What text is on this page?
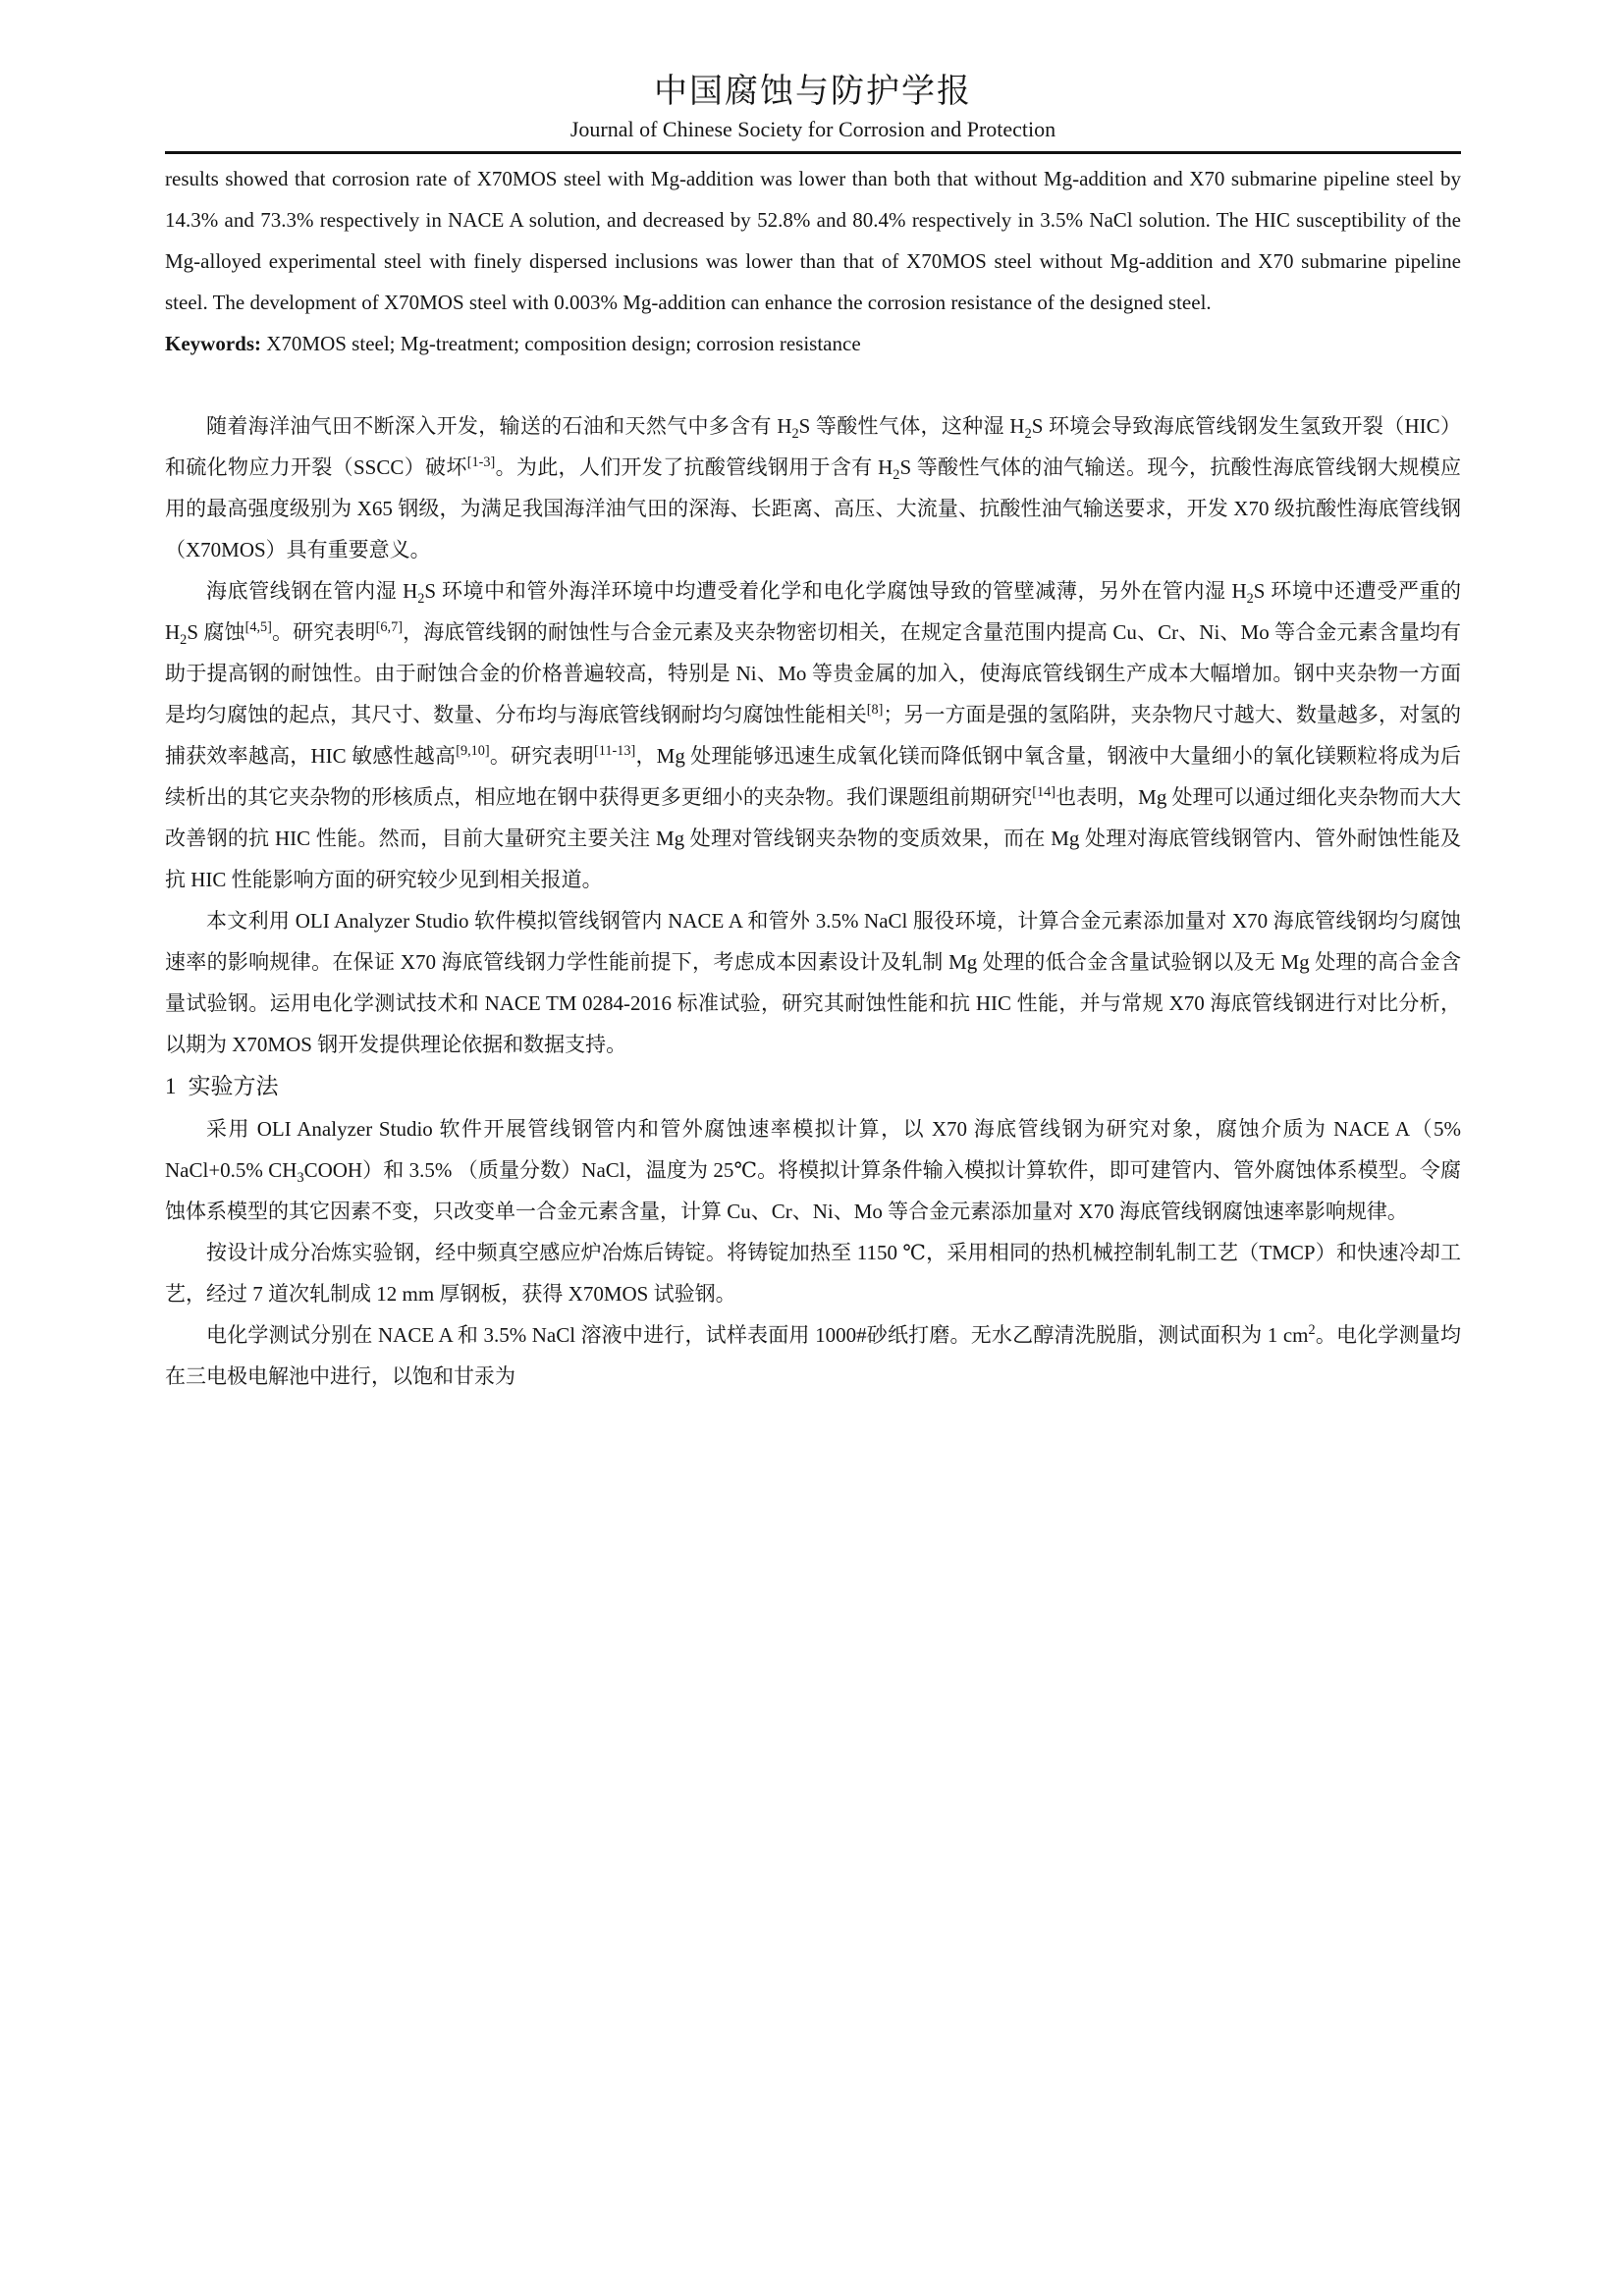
中国腐蚀与防护学报
Journal of Chinese Society for Corrosion and Protection

results showed that corrosion rate of X70MOS steel with Mg-addition was lower than both that without Mg-addition and X70 submarine pipeline steel by 14.3% and 73.3% respectively in NACE A solution, and decreased by 52.8% and 80.4% respectively in 3.5% NaCl solution. The HIC susceptibility of the Mg-alloyed experimental steel with finely dispersed inclusions was lower than that of X70MOS steel without Mg-addition and X70 submarine pipeline steel. The development of X70MOS steel with 0.003% Mg-addition can enhance the corrosion resistance of the designed steel.

Keywords: X70MOS steel; Mg-treatment; composition design; corrosion resistance

随着海洋油气田不断深入开发，输送的石油和天然气中多含有 $H_2S$ 等酸性气体，这种湿 $H_2S$ 环境会导致海底管线钢发生氢致开裂（HIC）和硫化物应力开裂（SSCC）破坏[1-3]。为此，人们开发了抗酸管线钢用于含有 $H_2S$ 等酸性气体的油气输送。现今，抗酸性海底管线钢大规模应用的最高强度级别为 X65 钢级，为满足我国海洋油气田的深海、长距离、高压、大流量、抗酸性油气输送要求，开发 X70 级抗酸性海底管线钢（X70MOS）具有重要意义。

海底管线钢在管内湿 $H_2S$ 环境中和管外海洋环境中均遭受着化学和电化学腐蚀导致的管壁减薄，另外在管内湿 $H_2S$ 环境中还遭受严重的 $H_2S$ 腐蚀[4,5]。研究表明[6,7]，海底管线钢的耐蚀性与合金元素及夹杂物密切相关，在规定含量范围内提高 Cu、Cr、Ni、Mo 等合金元素含量均有助于提高钢的耐蚀性。由于耐蚀合金的价格普遍较高，特别是 Ni、Mo 等贵金属的加入，使海底管线钢生产成本大幅增加。钢中夹杂物一方面是均匀腐蚀的起点，其尺寸、数量、分布均与海底管线钢耐均匀腐蚀性能相关[8]；另一方面是强的氢陷阱，夹杂物尺寸越大、数量越多，对氢的捕获效率越高，HIC 敏感性越高[9,10]。研究表明[11-13]，Mg 处理能够迅速生成氧化镁而降低钢中氧含量，钢液中大量细小的氧化镁颗粒将成为后续析出的其它夹杂物的形核质点，相应地在钢中获得更多更细小的夹杂物。我们课题组前期研究[14]也表明，Mg 处理可以通过细化夹杂物而大大改善钢的抗 HIC 性能。然而，目前大量研究主要关注 Mg 处理对管线钢夹杂物的变质效果，而在 Mg 处理对海底管线钢管内、管外耐蚀性能及抗 HIC 性能影响方面的研究较少见到相关报道。

本文利用 OLI Analyzer Studio 软件模拟管线钢管内 NACE A 和管外 3.5% NaCl 服役环境，计算合金元素添加量对 X70 海底管线钢均匀腐蚀速率的影响规律。在保证 X70 海底管线钢力学性能前提下，考虑成本因素设计及轧制 Mg 处理的低合金含量试验钢以及无 Mg 处理的高合金含量试验钢。运用电化学测试技术和 NACE TM 0284-2016 标准试验，研究其耐蚀性能和抗 HIC 性能，并与常规 X70 海底管线钢进行对比分析，以期为 X70MOS 钢开发提供理论依据和数据支持。

1 实验方法

采用 OLI Analyzer Studio 软件开展管线钢管内和管外腐蚀速率模拟计算，以 X70 海底管线钢为研究对象，腐蚀介质为 NACE A（5% NaCl+0.5% $CH_3COOH$）和 3.5% （质量分数）NaCl，温度为 25℃。将模拟计算条件输入模拟计算软件，即可建管内、管外腐蚀体系模型。令腐蚀体系模型的其它因素不变，只改变单一合金元素含量，计算 Cu、Cr、Ni、Mo 等合金元素添加量对 X70 海底管线钢腐蚀速率影响规律。

按设计成分冶炼实验钢，经中频真空感应炉冶炼后铸锭。将铸锭加热至 1150 ℃，采用相同的热机械控制轧制工艺（TMCP）和快速冷却工艺，经过 7 道次轧制成 12 mm 厚钢板，获得 X70MOS 试验钢。

电化学测试分别在 NACE A 和 3.5% NaCl 溶液中进行，试样表面用 1000#砂纸打磨。无水乙醇清洗脱脂，测试面积为 1 $cm^2$。电化学测量均在三电极电解池中进行，以饱和甘汞为
